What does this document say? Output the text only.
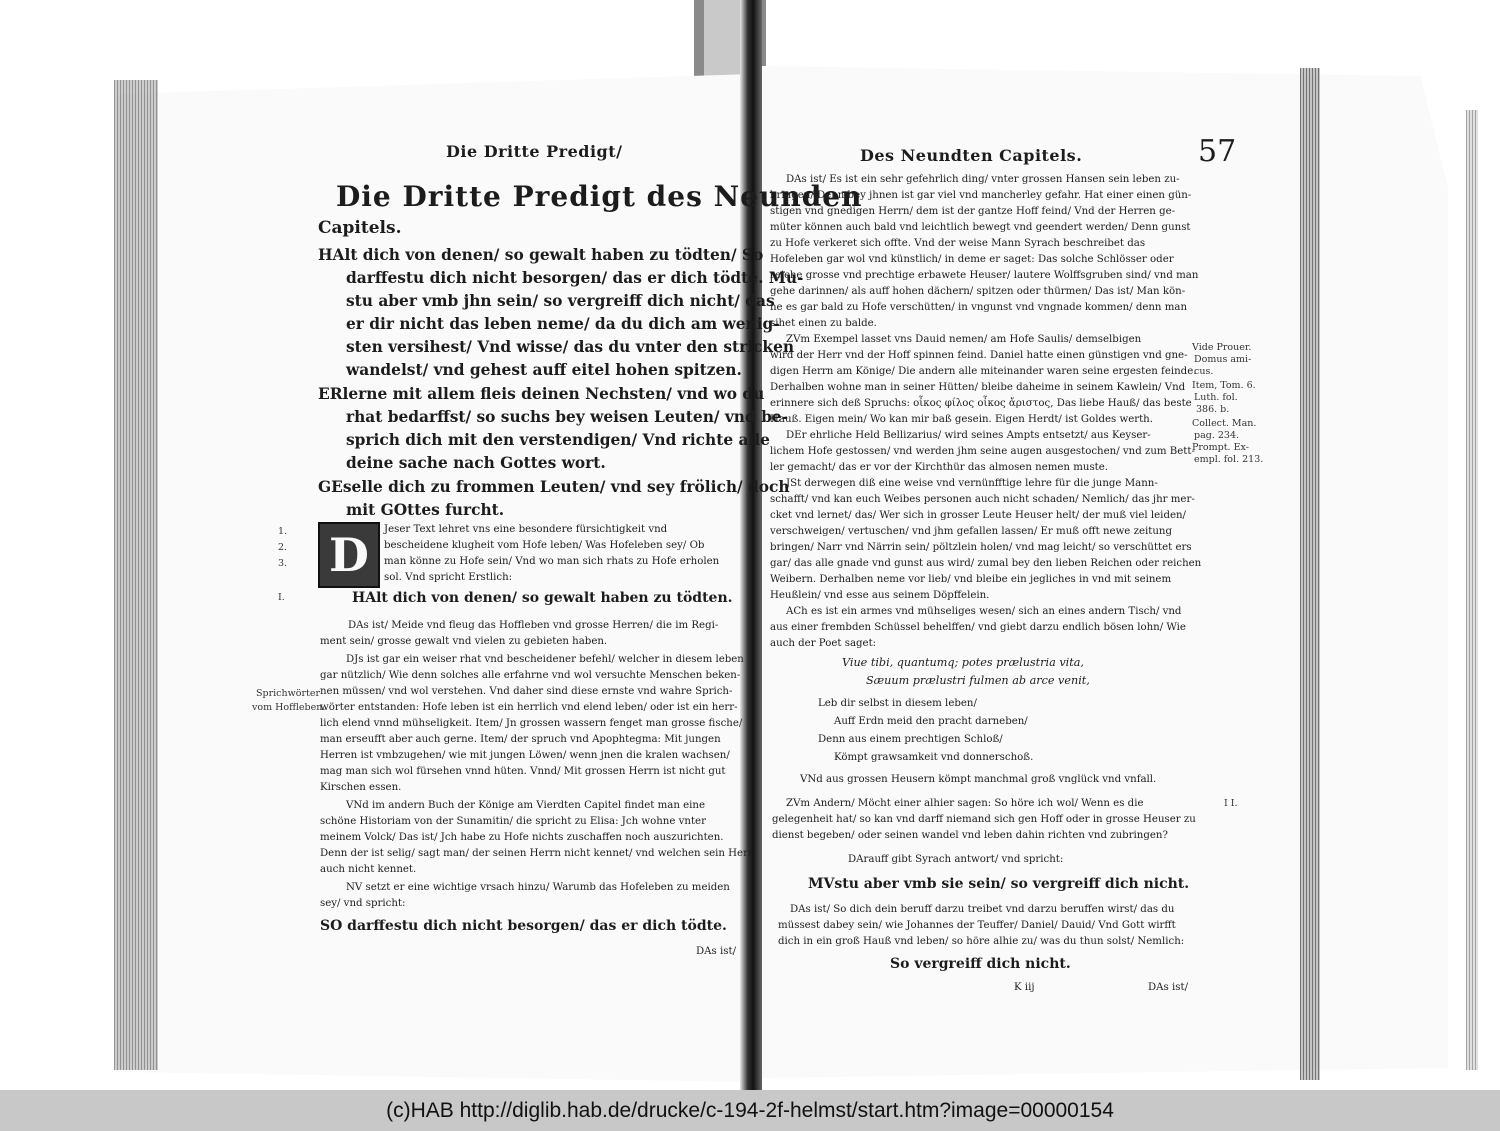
Die Dritte Predigt/
Die Dritte Predigt des Neunden
Capitels.
HAlt dich von denen/ so gewalt haben zu tödten/ So
darffestu dich nicht besorgen/ das er dich tödte. Mu-
stu aber vmb jhn sein/ so vergreiff dich nicht/ das
er dir nicht das leben neme/ da du dich am wenig-
sten versihest/ Vnd wisse/ das du vnter den stricken
wandelst/ vnd gehest auff eitel hohen spitzen.
ERlerne mit allem fleis deinen Nechsten/ vnd wo du
rhat bedarffst/ so suchs bey weisen Leuten/ vnd be-
sprich dich mit den verstendigen/ Vnd richte alle
deine sache nach Gottes wort.
GEselle dich zu frommen Leuten/ vnd sey frölich/ doch
mit GOttes furcht.
D	Jeser Text lehret vns eine besondere fürsichtigkeit vnd
bescheidene klugheit vom Hofe leben/ Was Hofeleben sey/ Ob
man könne zu Hofe sein/ Vnd wo man sich rhats zu Hofe erholen
sol. Vnd spricht Erstlich:
1.
2.
3.
I.	HAlt dich von denen/ so gewalt haben zu tödten.
DAs ist/ Meide vnd fleug das Hoffleben vnd grosse Herren/ die im Regi-
ment sein/ grosse gewalt vnd vielen zu gebieten haben.
DJs ist gar ein weiser rhat vnd bescheidener befehl/ welcher in diesem leben
gar nützlich/ Wie denn solches alle erfahrne vnd wol versuchte Menschen beken-
nen müssen/ vnd wol verstehen. Vnd daher sind diese ernste vnd wahre Sprich-
wörter entstanden: Hofe leben ist ein herrlich vnd elend leben/ oder ist ein herr-
lich elend vnnd mühseligkeit. Item/ Jn grossen wassern fenget man grosse fische/
man erseufft aber auch gerne. Item/ der spruch vnd Apophtegma: Mit jungen
Herren ist vmbzugehen/ wie mit jungen Löwen/ wenn jnen die kralen wachsen/
mag man sich wol fürsehen vnnd hüten. Vnnd/ Mit grossen Herrn ist nicht gut
Kirschen essen.
VNd im andern Buch der Könige am Vierdten Capitel findet man eine
schöne Historiam von der Sunamitin/ die spricht zu Elisa: Jch wohne vnter
meinem Volck/ Das ist/ Jch habe zu Hofe nichts zuschaffen noch auszurichten.
Denn der ist selig/ sagt man/ der seinen Herrn nicht kennet/ vnd welchen sein Herr
auch nicht kennet.
NV setzt er eine wichtige vrsach hinzu/ Warumb das Hofeleben zu meiden
sey/ vnd spricht:
Sprichwörter
vom Hoffleben.
SO darffestu dich nicht besorgen/ das er dich tödte.
DAs ist/
Des Neundten Capitels.	57
DAs ist/ Es ist ein sehr gefehrlich ding/ vnter grossen Hansen sein leben zu-
bringen/ Denn bey jhnen ist gar viel vnd mancherley gefahr. Hat einer einen gün-
stigen vnd gnedigen Herrn/ dem ist der gantze Hoff feind/ Vnd der Herren ge-
müter können auch bald vnd leichtlich bewegt vnd geendert werden/ Denn gunst
zu Hofe verkeret sich offte. Vnd der weise Mann Syrach beschreibet das
Hofeleben gar wol vnd künstlich/ in deme er saget: Das solche Schlösser oder
reiche grosse vnd prechtige erbawete Heuser/ lautere Wolffsgruben sind/ vnd man
gehe darinnen/ als auff hohen dächern/ spitzen oder thürmen/ Das ist/ Man kön-
ne es gar bald zu Hofe verschütten/ in vngunst vnd vngnade kommen/ denn man
sihet einen zu balde.
ZVm Exempel lasset vns Dauid nemen/ am Hofe Saulis/ demselbigen
wird der Herr vnd der Hoff spinnen feind. Daniel hatte einen günstigen vnd gne-
digen Herrn am Könige/ Die andern alle miteinander waren seine ergesten feinde.
Derhalben wohne man in seiner Hütten/ bleibe daheime in seinem Kawlein/ Vnd
erinnere sich deß Spruchs: οἶκος φίλος οἶκος ἄριστος, Das liebe Hauß/ das beste
Hauß. Eigen mein/ Wo kan mir baß gesein. Eigen Herdt/ ist Goldes werth.
DEr ehrliche Held Bellizarius/ wird seines Ampts entsetzt/ aus Keyser-
lichem Hofe gestossen/ vnd werden jhm seine augen ausgestochen/ vnd zum Bett-
ler gemacht/ das er vor der Kirchthür das almosen nemen muste.
JSt derwegen diß eine weise vnd vernünfftige lehre für die junge Mann-
schafft/ vnd kan euch Weibes personen auch nicht schaden/ Nemlich/ das jhr mer-
cket vnd lernet/ das/ Wer sich in grosser Leute Heuser helt/ der muß viel leiden/
verschweigen/ vertuschen/ vnd jhm gefallen lassen/ Er muß offt newe zeitung
bringen/ Narr vnd Närrin sein/ pöltzlein holen/ vnd mag leicht/ so verschüttet ers
gar/ das alle gnade vnd gunst aus wird/ zumal bey den lieben Reichen oder reichen
Weibern. Derhalben neme vor lieb/ vnd bleibe ein jegliches in vnd mit seinem
Heußlein/ vnd esse aus seinem Döpffelein.
ACh es ist ein armes vnd mühseliges wesen/ sich an eines andern Tisch/ vnd
aus einer frembden Schüssel behelffen/ vnd giebt darzu endlich bösen lohn/ Wie
auch der Poet saget:
Viue tibi, quantumq; potes prælustria vita,
Sæuum prælustri fulmen ab arce venit,
Leb dir selbst in diesem leben/
Auff Erdn meid den pracht darneben/
Denn aus einem prechtigen Schloß/
Kömpt grawsamkeit vnd donnerschoß.
VNd aus grossen Heusern kömpt manchmal groß vnglück vnd vnfall.
ZVm Andern/ Möcht einer alhier sagen: So höre ich wol/ Wenn es die
gelegenheit hat/ so kan vnd darff niemand sich gen Hoff oder in grosse Heuser zu
dienst begeben/ oder seinen wandel vnd leben dahin richten vnd zubringen?
DArauff gibt Syrach antwort/ vnd spricht:
I I.
MVstu aber vmb sie sein/ so vergreiff dich nicht.
DAs ist/ So dich dein beruff darzu treibet vnd darzu beruffen wirst/ das du
müssest dabey sein/ wie Johannes der Teuffer/ Daniel/ Dauid/ Vnd Gott wirfft
dich in ein groß Hauß vnd leben/ so höre alhie zu/ was du thun solst/ Nemlich:
So vergreiff dich nicht.
K iij	DAs ist/
Vide Prouer.
Domus ami-
cus.
Item, Tom. 6.
Luth. fol.
386. b.
Collect. Man.
pag. 234.
Prompt. Ex-
empl. fol. 213.
(c)HAB http://diglib.hab.de/drucke/c-194-2f-helmst/start.htm?image=00000154
